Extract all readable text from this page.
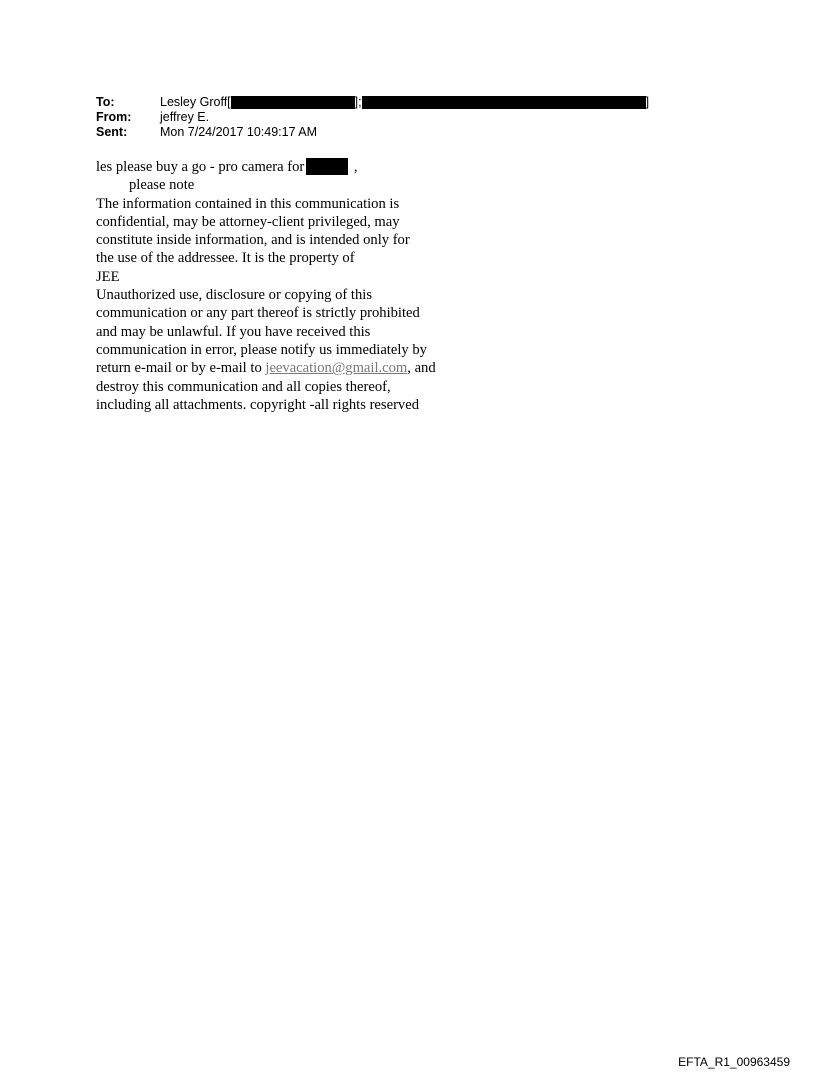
To:	Lesley Groff[	];	]
From: jeffrey E.
Sent:	Mon 7/24/2017 10:49:17 AM
les please buy a go - pro camera for	,
please note
The information contained in this communication is
confidential, may be attorney-client privileged, may
constitute inside information, and is intended only for
the use of the addressee. It is the property of
JEE
Unauthorized use, disclosure or copying of this
communication or any part thereof is strictly prohibited
and may be unlawful. If you have received this
communication in error, please notify us immediately by
return e-mail or by e-mail to jeevacation@gmail.com, and
destroy this communication and all copies thereof,
including all attachments. copyright -all rights reserved
EFTA_R1_00963459
